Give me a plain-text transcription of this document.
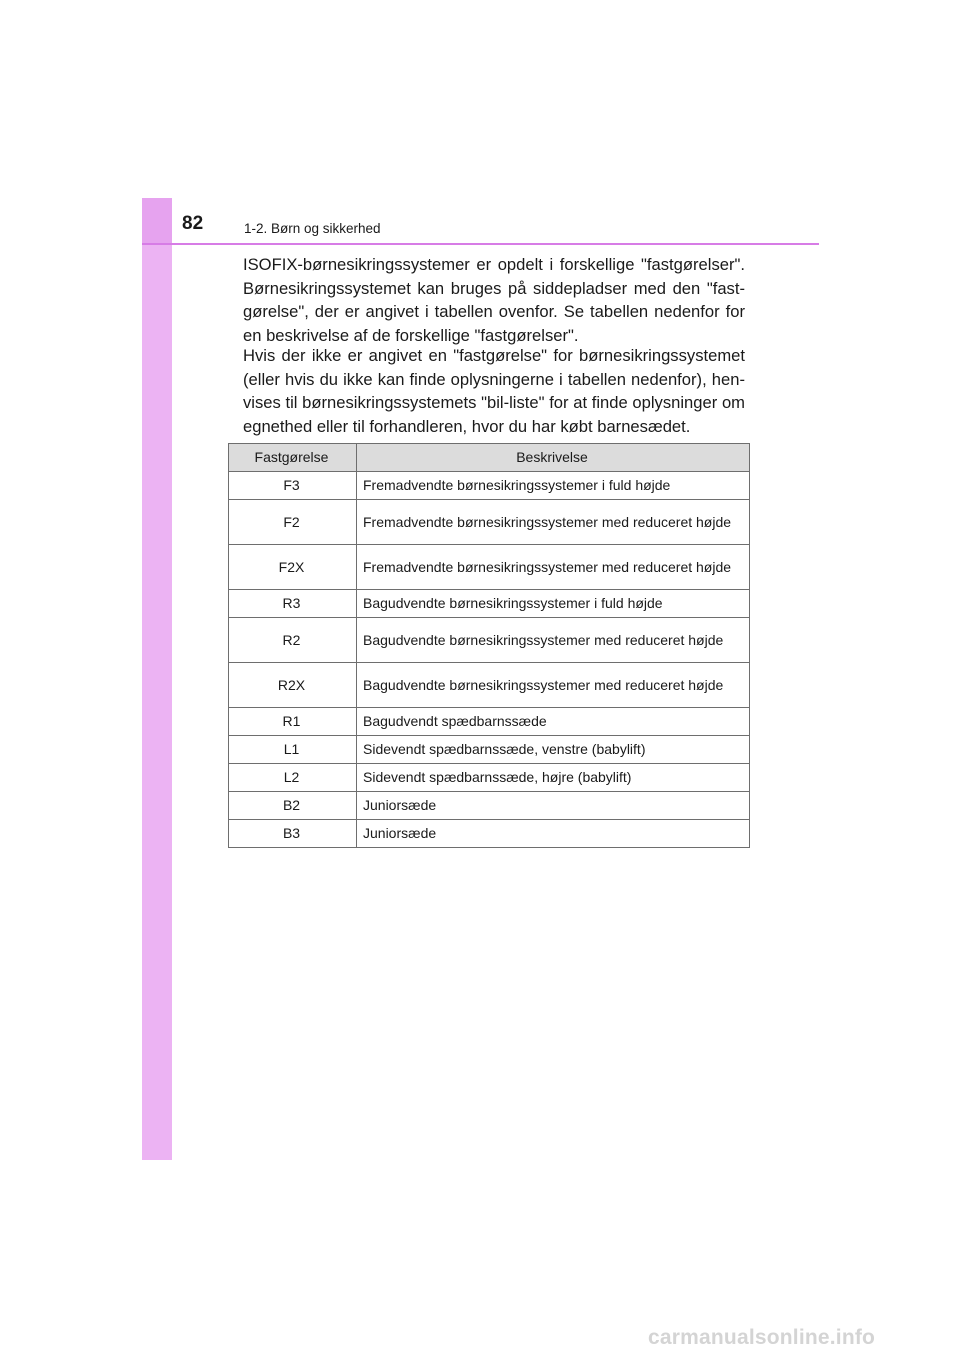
82	1-2. Børn og sikkerhed

ISOFIX-børnesikringssystemer er opdelt i forskellige "fastgørelser". Børnesikringssystemet kan bruges på siddepladser med den "fast-gørelse", der er angivet i tabellen ovenfor. Se tabellen nedenfor for en beskrivelse af de forskellige "fastgørelser".

Hvis der ikke er angivet en "fastgørelse" for børnesikringssystemet (eller hvis du ikke kan finde oplysningerne i tabellen nedenfor), hen-vises til børnesikringssystemets "bil-liste" for at finde oplysninger om egnethed eller til forhandleren, hvor du har købt barnesædet.

Fastgørelse	Beskrivelse
F3	Fremadvendte børnesikringssystemer i fuld højde
F2	Fremadvendte børnesikringssystemer med reduceret højde
F2X	Fremadvendte børnesikringssystemer med reduceret højde
R3	Bagudvendte børnesikringssystemer i fuld højde
R2	Bagudvendte børnesikringssystemer med reduceret højde
R2X	Bagudvendte børnesikringssystemer med reduceret højde
R1	Bagudvendt spædbarnssæde
L1	Sidevendt spædbarnssæde, venstre (babylift)
L2	Sidevendt spædbarnssæde, højre (babylift)
B2	Juniorsæde
B3	Juniorsæde
carmanualsonline.info
